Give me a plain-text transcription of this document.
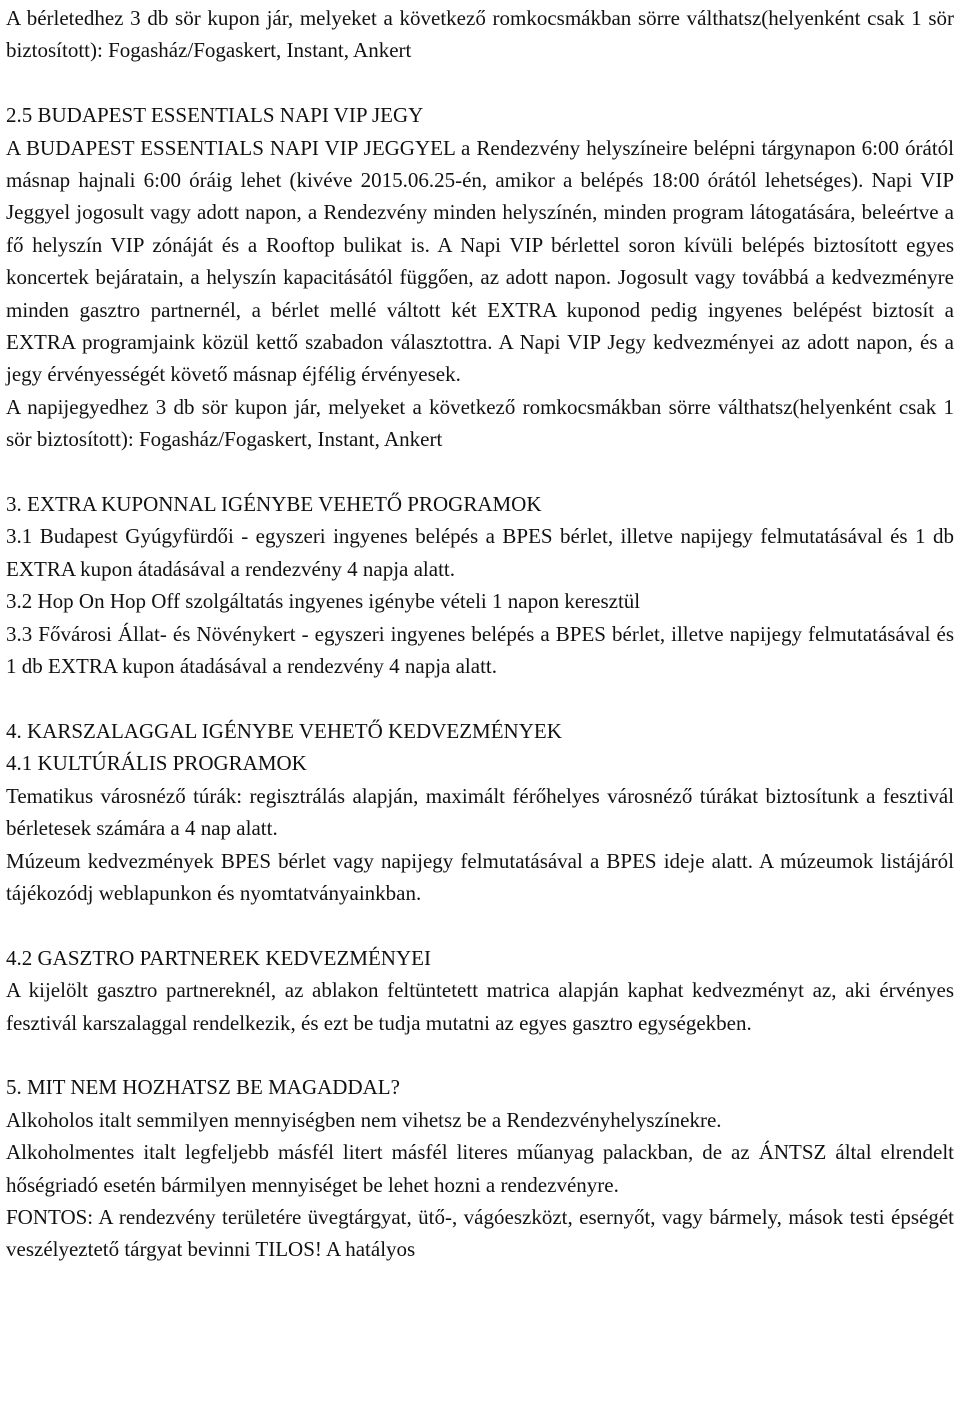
A bérletedhez 3 db sör kupon jár, melyeket a következő romkocsmákban sörre válthatsz(helyenként csak 1 sör biztosított): Fogasház/Fogaskert, Instant, Ankert

2.5 BUDAPEST ESSENTIALS NAPI VIP JEGY

A BUDAPEST ESSENTIALS NAPI VIP JEGGYEL a Rendezvény helyszíneire belépni tárgynapon 6:00 órától másnap hajnali 6:00 óráig lehet (kivéve 2015.06.25-én, amikor a belépés 18:00 órától lehetséges). Napi VIP Jeggyel jogosult vagy adott napon, a Rendezvény minden helyszínén, minden program látogatására, beleértve a fő helyszín VIP zónáját és a Rooftop bulikat is. A Napi VIP bérlettel soron kívüli belépés biztosított egyes koncertek bejáratain, a helyszín kapacitásától függően, az adott napon. Jogosult vagy továbbá a kedvezményre minden gasztro partnernél, a bérlet mellé váltott két EXTRA kuponod pedig ingyenes belépést biztosít a EXTRA programjaink közül kettő szabadon választottra. A Napi VIP Jegy kedvezményei az adott napon, és a jegy érvényességét követő másnap éjfélig érvényesek.

A napijegyedhez 3 db sör kupon jár, melyeket a következő romkocsmákban sörre válthatsz(helyenként csak 1 sör biztosított): Fogasház/Fogaskert, Instant, Ankert

3. EXTRA KUPONNAL IGÉNYBE VEHETŐ PROGRAMOK

3.1 Budapest Gyúgyfürdői - egyszeri ingyenes belépés a BPES bérlet, illetve napijegy felmutatásával és 1 db EXTRA kupon átadásával a rendezvény 4 napja alatt.

3.2 Hop On Hop Off szolgáltatás ingyenes igénybe vételi 1 napon keresztül

3.3 Fővárosi Állat- és Növénykert - egyszeri ingyenes belépés a BPES bérlet, illetve napijegy felmutatásával és 1 db EXTRA kupon átadásával a rendezvény 4 napja alatt.

4. KARSZALAGGAL IGÉNYBE VEHETŐ KEDVEZMÉNYEK

4.1 KULTÚRÁLIS PROGRAMOK

Tematikus városnéző túrák: regisztrálás alapján, maximált férőhelyes városnéző túrákat biztosítunk a fesztivál bérletesek számára a 4 nap alatt.

Múzeum kedvezmények BPES bérlet vagy napijegy felmutatásával a BPES ideje alatt. A múzeumok listájáról tájékozódj weblapunkon és nyomtatványainkban.

4.2 GASZTRO PARTNEREK KEDVEZMÉNYEI

A kijelölt gasztro partnereknél, az ablakon feltüntetett matrica alapján kaphat kedvezményt az, aki érvényes fesztivál karszalaggal rendelkezik, és ezt be tudja mutatni az egyes gasztro egységekben.

5. MIT NEM HOZHATSZ BE MAGADDAL?

Alkoholos italt semmilyen mennyiségben nem vihetsz be a Rendezvényhelyszínekre.

Alkoholmentes italt legfeljebb másfél litert másfél literes műanyag palackban, de az ÁNTSZ által elrendelt hőségriadó esetén bármilyen mennyiséget be lehet hozni a rendezvényre.

FONTOS: A rendezvény területére üvegtárgyat, ütő-, vágóeszközt, esernyőt, vagy bármely, mások testi épségét veszélyeztető tárgyat bevinni TILOS! A hatályos
